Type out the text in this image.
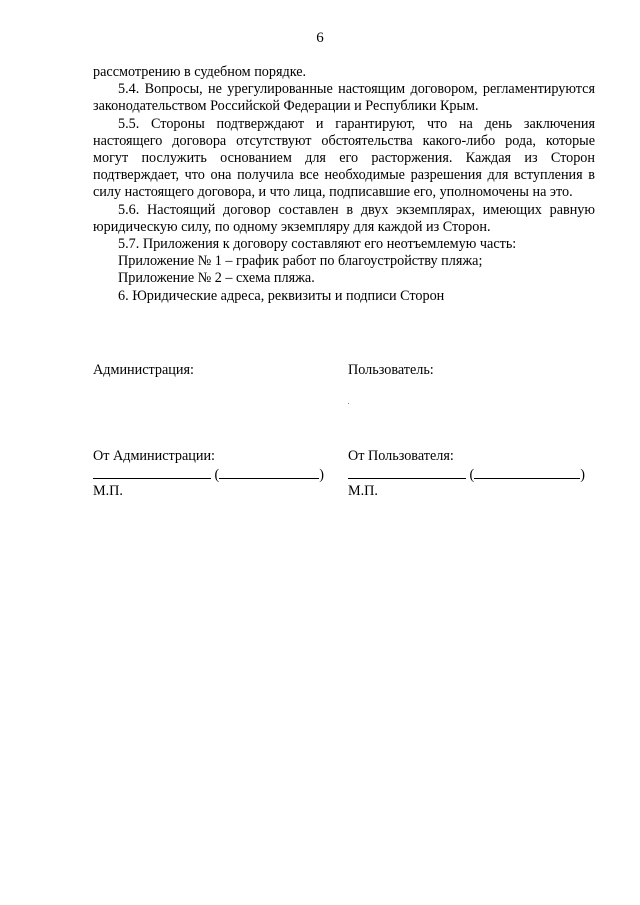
6

рассмотрению в судебном порядке.

5.4. Вопросы, не урегулированные настоящим договором, регламентируются законодательством Российской Федерации и Республики Крым.

5.5. Стороны подтверждают и гарантируют, что на день заключения настоящего договора отсутствуют обстоятельства какого-либо рода, которые могут послужить основанием для его расторжения. Каждая из Сторон подтверждает, что она получила все необходимые разрешения для вступления в силу настоящего договора, и что лица, подписавшие его, уполномочены на это.

5.6. Настоящий договор составлен в двух экземплярах, имеющих равную юридическую силу, по одному экземпляру для каждой из Сторон.

5.7. Приложения к договору составляют его неотъемлемую часть:

Приложение № 1 – график работ по благоустройству пляжа;

Приложение № 2 – схема пляжа.

6. Юридические адреса, реквизиты и подписи Сторон

Администрация:
От Администрации:
(	)
М.П.
Пользователь:
От Пользователя:
(	)
М.П.
